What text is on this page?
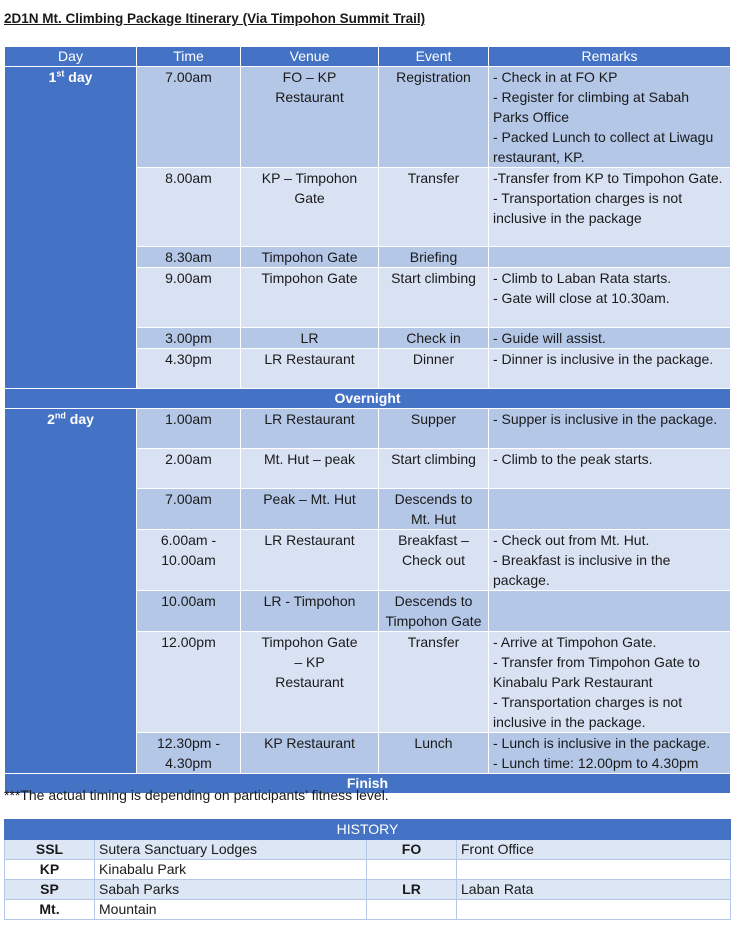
2D1N Mt. Climbing Package Itinerary (Via Timpohon Summit Trail)
Day	Time	Venue	Event	Remarks
1st day	7.00am	FO – KP
Restaurant	Registration	- Check in at FO KP
- Register for climbing at Sabah Parks Office
- Packed Lunch to collect at Liwagu restaurant, KP.
	8.00am	KP – Timpohon
Gate	Transfer	-Transfer from KP to Timpohon Gate.
- Transportation charges is not inclusive in the package
	8.30am	Timpohon Gate	Briefing	
	9.00am	Timpohon Gate	Start climbing	- Climb to Laban Rata starts.
- Gate will close at 10.30am.
	3.00pm	LR	Check in	- Guide will assist.
	4.30pm	LR Restaurant	Dinner	- Dinner is inclusive in the package.
Overnight				
2nd day	1.00am	LR Restaurant	Supper	- Supper is inclusive in the package.
	2.00am	Mt. Hut – peak	Start climbing	- Climb to the peak starts.
	7.00am	Peak – Mt. Hut	Descends to
Mt. Hut	
	6.00am -
10.00am	LR Restaurant	Breakfast –
Check out	- Check out from Mt. Hut.
- Breakfast is inclusive in the package.
	10.00am	LR - Timpohon	Descends to
Timpohon Gate	
	12.00pm	Timpohon Gate
– KP
Restaurant	Transfer	- Arrive at Timpohon Gate.
- Transfer from Timpohon Gate to Kinabalu Park Restaurant
- Transportation charges is not inclusive in the package.
	12.30pm -
4.30pm	KP Restaurant	Lunch	- Lunch is inclusive in the package.
- Lunch time: 12.00pm to 4.30pm
Finish				
***The actual timing is depending on participants’ fitness level.
HISTORY			
SSL	Sutera Sanctuary Lodges	FO	Front Office
KP	Kinabalu Park		
SP	Sabah Parks	LR	Laban Rata
Mt.	Mountain		
